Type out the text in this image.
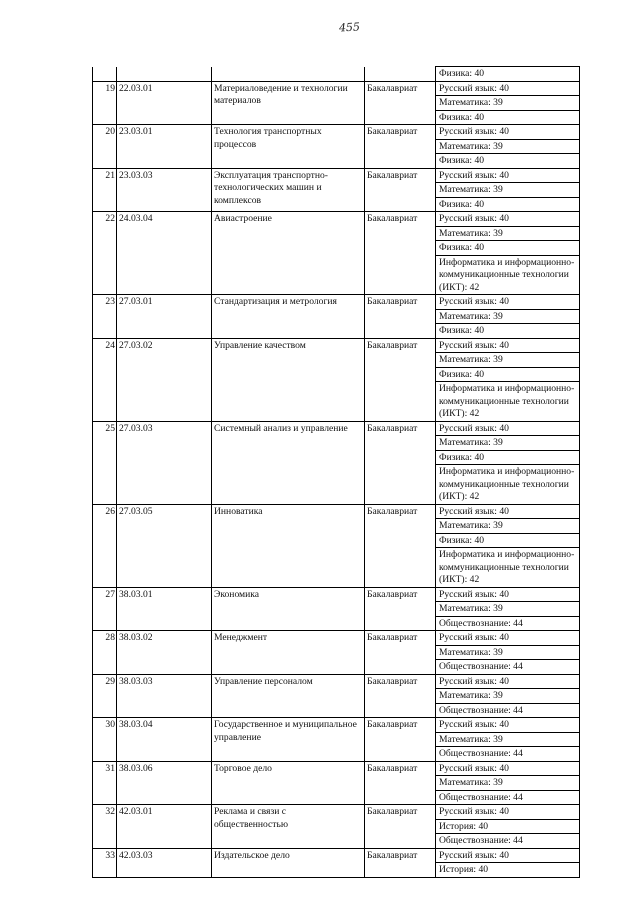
455
				Физика: 40
19	22.03.01	Материаловедение и технологии материалов	Бакалавриат	Русский язык: 40
				Математика: 39
				Физика: 40
20	23.03.01	Технология транспортных процессов	Бакалавриат	Русский язык: 40
				Математика: 39
				Физика: 40
21	23.03.03	Эксплуатация транспортно-технологических машин и комплексов	Бакалавриат	Русский язык: 40
				Математика: 39
				Физика: 40
22	24.03.04	Авиастроение	Бакалавриат	Русский язык: 40
				Математика: 39
				Физика: 40
				Информатика и информационно-коммуникационные технологии (ИКТ): 42
23	27.03.01	Стандартизация и метрология	Бакалавриат	Русский язык: 40
				Математика: 39
				Физика: 40
24	27.03.02	Управление качеством	Бакалавриат	Русский язык: 40
				Математика: 39
				Физика: 40
				Информатика и информационно-коммуникационные технологии (ИКТ): 42
25	27.03.03	Системный анализ и управление	Бакалавриат	Русский язык: 40
				Математика: 39
				Физика: 40
				Информатика и информационно-коммуникационные технологии (ИКТ): 42
26	27.03.05	Инноватика	Бакалавриат	Русский язык: 40
				Математика: 39
				Физика: 40
				Информатика и информационно-коммуникационные технологии (ИКТ): 42
27	38.03.01	Экономика	Бакалавриат	Русский язык: 40
				Математика: 39
				Обществознание: 44
28	38.03.02	Менеджмент	Бакалавриат	Русский язык: 40
				Математика: 39
				Обществознание: 44
29	38.03.03	Управление персоналом	Бакалавриат	Русский язык: 40
				Математика: 39
				Обществознание: 44
30	38.03.04	Государственное и муниципальное управление	Бакалавриат	Русский язык: 40
				Математика: 39
				Обществознание: 44
31	38.03.06	Торговое дело	Бакалавриат	Русский язык: 40
				Математика: 39
				Обществознание: 44
32	42.03.01	Реклама и связи с общественностью	Бакалавриат	Русский язык: 40
				История: 40
				Обществознание: 44
33	42.03.03	Издательское дело	Бакалавриат	Русский язык: 40
				История: 40
